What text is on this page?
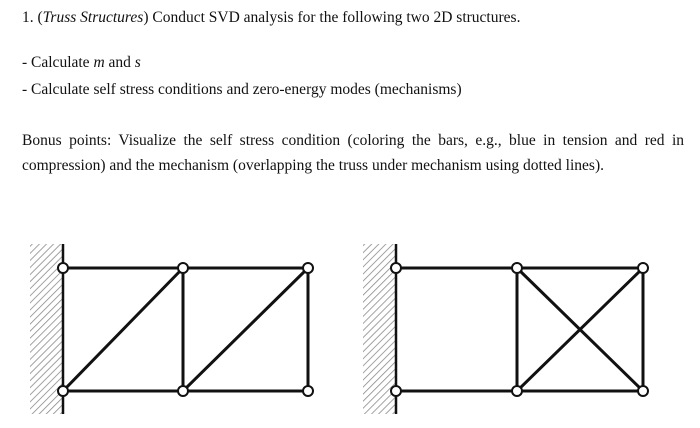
1. (Truss Structures) Conduct SVD analysis for the following two 2D structures.
- Calculate m and s
- Calculate self stress conditions and zero-energy modes (mechanisms)
Bonus points: Visualize the self stress condition (coloring the bars, e.g., blue in tension and red in compression) and the mechanism (overlapping the truss under mechanism using dotted lines).
